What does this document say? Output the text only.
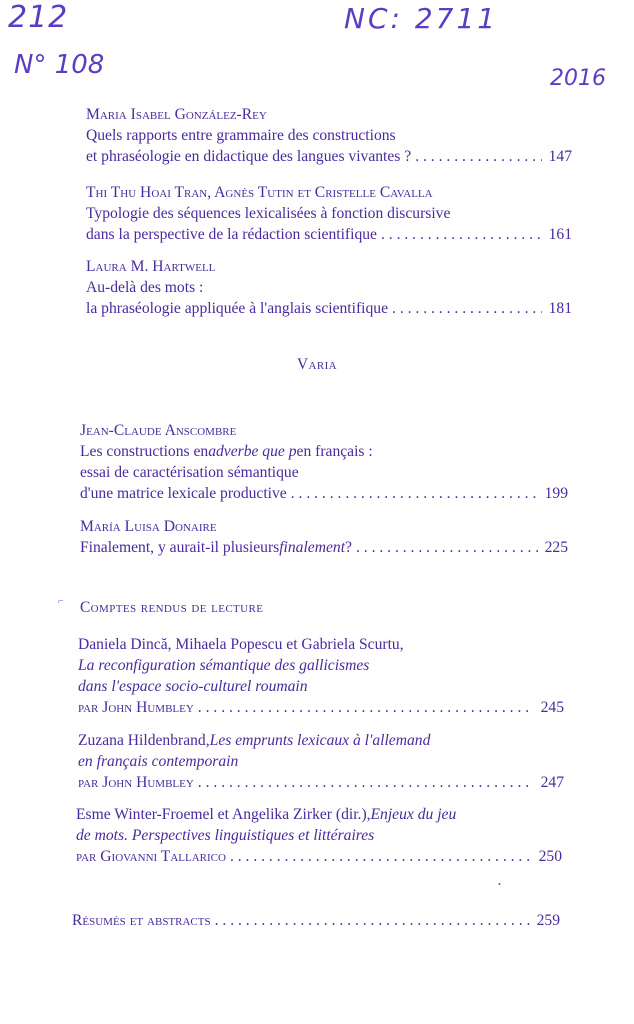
212	NC: 2711
N° 108	2016
Maria Isabel González-Rey
Quels rapports entre grammaire des constructions
et phraséologie en didactique des langues vivantes ? . . .	147
Thi Thu Hoai Tran, Agnès Tutin et Cristelle Cavalla
Typologie des séquences lexicalisées à fonction discursive
dans la perspective de la rédaction scientifique . . .	161
Laura M. Hartwell
Au-delà des mots :
la phraséologie appliquée à l'anglais scientifique . . .	181
Varia
Jean-Claude Anscombre
Les constructions en adverbe que p en français :
essai de caractérisation sémantique
d'une matrice lexicale productive . . .	199
María Luisa Donaire
Finalement, y aurait-il plusieurs finalement ? . . .	225
⌐ Comptes rendus de lecture
Daniela Dincă, Mihaela Popescu et Gabriela Scurtu,
La reconfiguration sémantique des gallicismes
dans l'espace socio-culturel roumain
par John Humbley . . .	245
Zuzana Hildenbrand, Les emprunts lexicaux à l'allemand
en français contemporain
par John Humbley . . .	247
Esme Winter-Froemel et Angelika Zirker (dir.), Enjeux du jeu
de mots. Perspectives linguistiques et littéraires
par Giovanni Tallarico . . .	250
•
Résumés et abstracts . . .	259
